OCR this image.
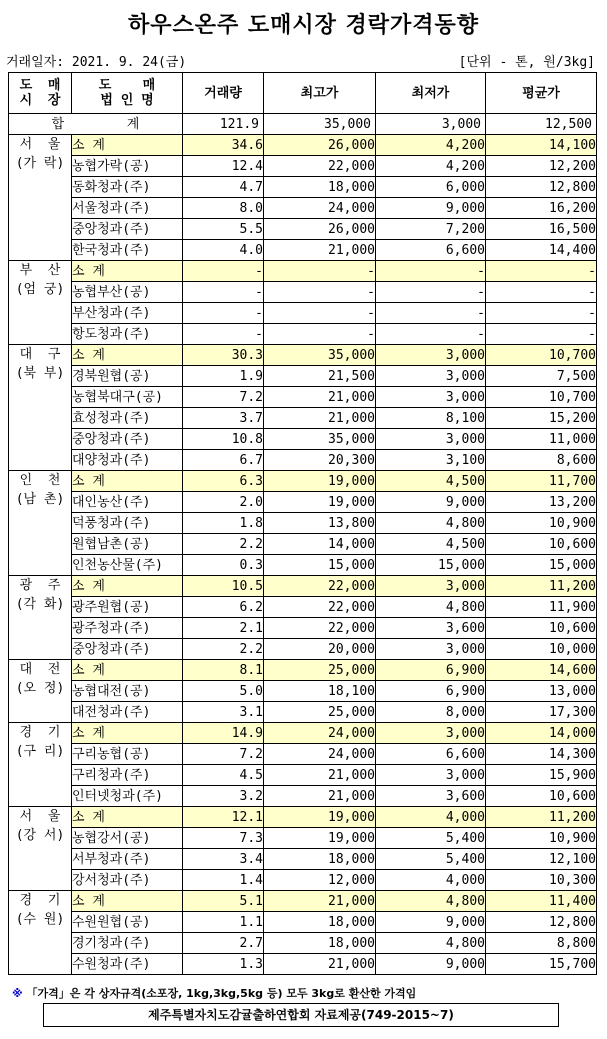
하우스온주 도매시장 경락가격동향
거래일자: 2021. 9. 24(금)	[단위 - 톤, 원/3kg]
도  매
시  장	도    매
법 인 명	거래량	최고가	최저가	평균가
합        계		121.9	35,000	3,000	12,500

서  울
(가 락)	소 계	34.6	26,000	4,200	14,100
	농협가락(공)	12.4	22,000	4,200	12,200
	동화청과(주)	4.7	18,000	6,000	12,800
	서울청과(주)	8.0	24,000	9,000	16,200
	중앙청과(주)	5.5	26,000	7,200	16,500
	한국청과(주)	4.0	21,000	6,600	14,400

부  산
(엄 궁)	소 계	-	-	-	-
	농협부산(공)	-	-	-	-
	부산청과(주)	-	-	-	-
	항도청과(주)	-	-	-	-

대  구
(북 부)	소 계	30.3	35,000	3,000	10,700
	경북원협(공)	1.9	21,500	3,000	7,500
	농협북대구(공)	7.2	21,000	3,000	10,700
	효성청과(주)	3.7	21,000	8,100	15,200
	중앙청과(주)	10.8	35,000	3,000	11,000
	대양청과(주)	6.7	20,300	3,100	8,600

인  천
(남 촌)	소 계	6.3	19,000	4,500	11,700
	대인농산(주)	2.0	19,000	9,000	13,200
	덕풍청과(주)	1.8	13,800	4,800	10,900
	원협남촌(공)	2.2	14,000	4,500	10,600
	인천농산물(주)	0.3	15,000	15,000	15,000

광  주
(각 화)	소 계	10.5	22,000	3,000	11,200
	광주원협(공)	6.2	22,000	4,800	11,900
	광주청과(주)	2.1	22,000	3,600	10,600
	중앙청과(주)	2.2	20,000	3,000	10,000

대  전
(오 정)	소 계	8.1	25,000	6,900	14,600
	농협대전(공)	5.0	18,100	6,900	13,000
	대전청과(주)	3.1	25,000	8,000	17,300

경  기
(구 리)	소 계	14.9	24,000	3,000	14,000
	구리농협(공)	7.2	24,000	6,600	14,300
	구리청과(주)	4.5	21,000	3,000	15,900
	인터넷청과(주)	3.2	21,000	3,600	10,600

서  울
(강 서)	소 계	12.1	19,000	4,000	11,200
	농협강서(공)	7.3	19,000	5,400	10,900
	서부청과(주)	3.4	18,000	5,400	12,100
	강서청과(주)	1.4	12,000	4,000	10,300

경  기
(수 원)	소 계	5.1	21,000	4,800	11,400
	수원원협(공)	1.1	18,000	9,000	12,800
	경기청과(주)	2.7	18,000	4,800	8,800
	수원청과(주)	1.3	21,000	9,000	15,700
※ 「가격」은 각 상자규격(소포장, 1kg,3kg,5kg 등) 모두 3kg로 환산한 가격임
제주특별자치도감귤출하연합회 자료제공(749-2015~7)
